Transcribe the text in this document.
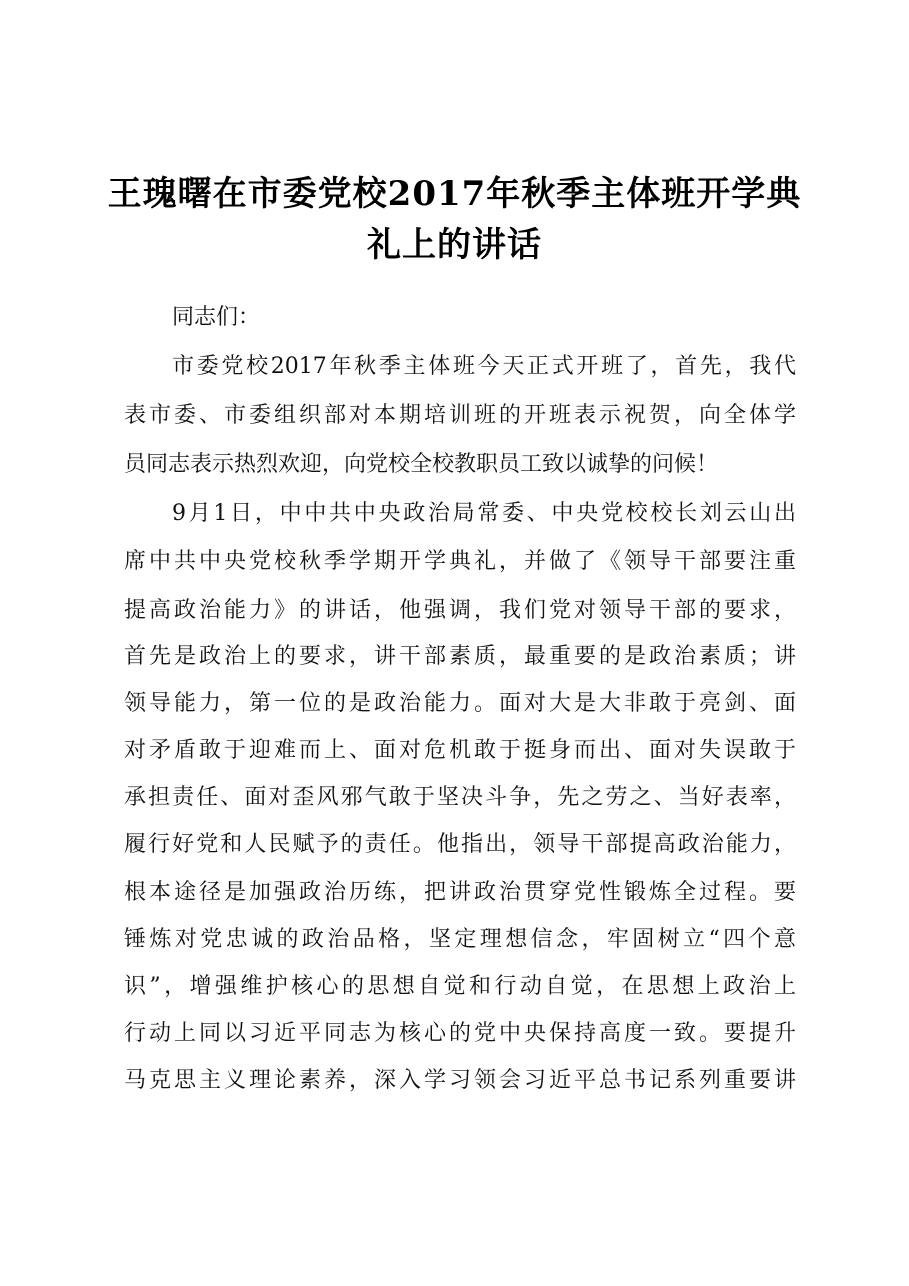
王瑰曙在市委党校2017年秋季主体班开学典
礼上的讲话
同志们：
市委党校2017年秋季主体班今天正式开班了，首先，我代
表市委、市委组织部对本期培训班的开班表示祝贺，向全体学
员同志表示热烈欢迎，向党校全校教职员工致以诚挚的问候！
9月1日，中中共中央政治局常委、中央党校校长刘云山出
席中共中央党校秋季学期开学典礼，并做了《领导干部要注重
提高政治能力》的讲话，他强调，我们党对领导干部的要求，
首先是政治上的要求，讲干部素质，最重要的是政治素质；讲
领导能力，第一位的是政治能力。面对大是大非敢于亮剑、面
对矛盾敢于迎难而上、面对危机敢于挺身而出、面对失误敢于
承担责任、面对歪风邪气敢于坚决斗争，先之劳之、当好表率，
履行好党和人民赋予的责任。他指出，领导干部提高政治能力，
根本途径是加强政治历练，把讲政治贯穿党性锻炼全过程。要
锤炼对党忠诚的政治品格，坚定理想信念，牢固树立“四个意
识”，增强维护核心的思想自觉和行动自觉，在思想上政治上
行动上同以习近平同志为核心的党中央保持高度一致。要提升
马克思主义理论素养，深入学习领会习近平总书记系列重要讲
